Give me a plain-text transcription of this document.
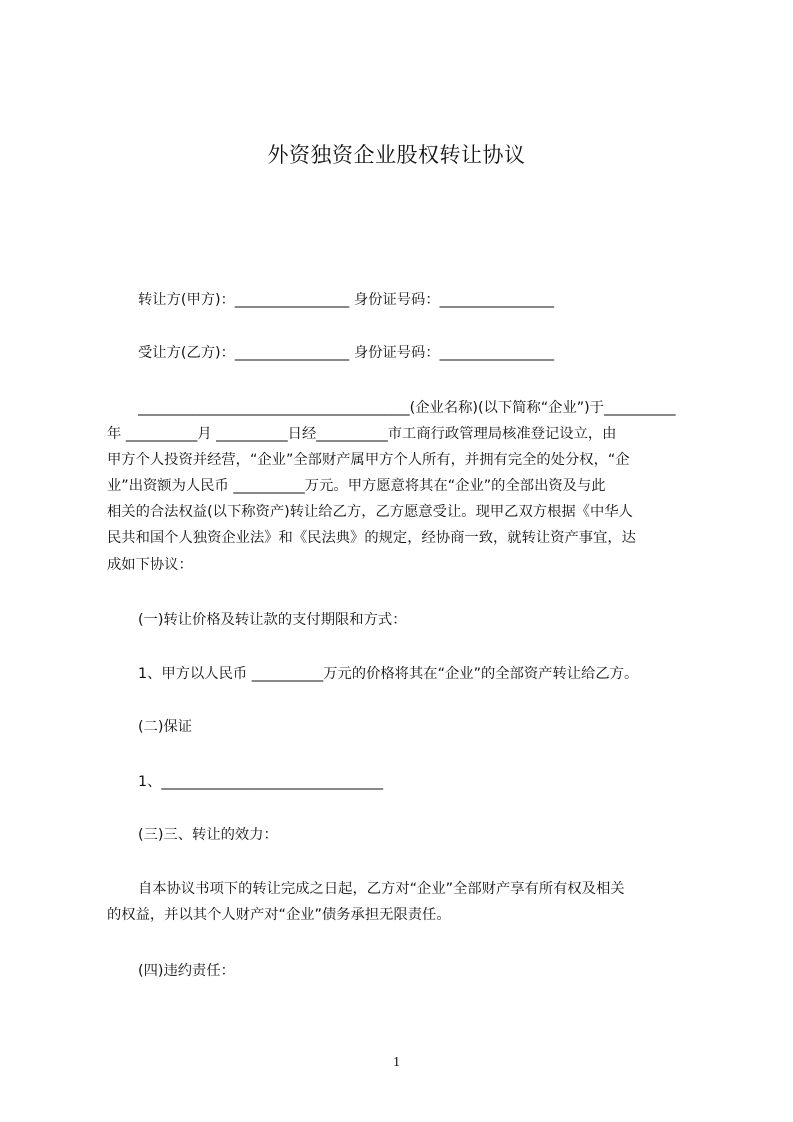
外资独资企业股权转让协议
转让方(甲方)：________________ 身份证号码：________________
受让方(乙方)：________________ 身份证号码：________________
______________________________________(企业名称)(以下简称“企业”)于__________
年 __________月 __________日经__________市工商行政管理局核准登记设立，由
甲方个人投资并经营，“企业”全部财产属甲方个人所有，并拥有完全的处分权，“企
业”出资额为人民币 __________万元。甲方愿意将其在“企业”的全部出资及与此
相关的合法权益(以下称资产)转让给乙方，乙方愿意受让。现甲乙双方根据《中华人
民共和国个人独资企业法》和《民法典》的规定，经协商一致，就转让资产事宜，达
成如下协议：
(一)转让价格及转让款的支付期限和方式：
1、甲方以人民币 __________万元的价格将其在“企业”的全部资产转让给乙方。
(二)保证
1、_______________________________
(三)三、转让的效力：
自本协议书项下的转让完成之日起，乙方对“企业”全部财产享有所有权及相关
的权益，并以其个人财产对“企业”债务承担无限责任。
(四)违约责任：
1
